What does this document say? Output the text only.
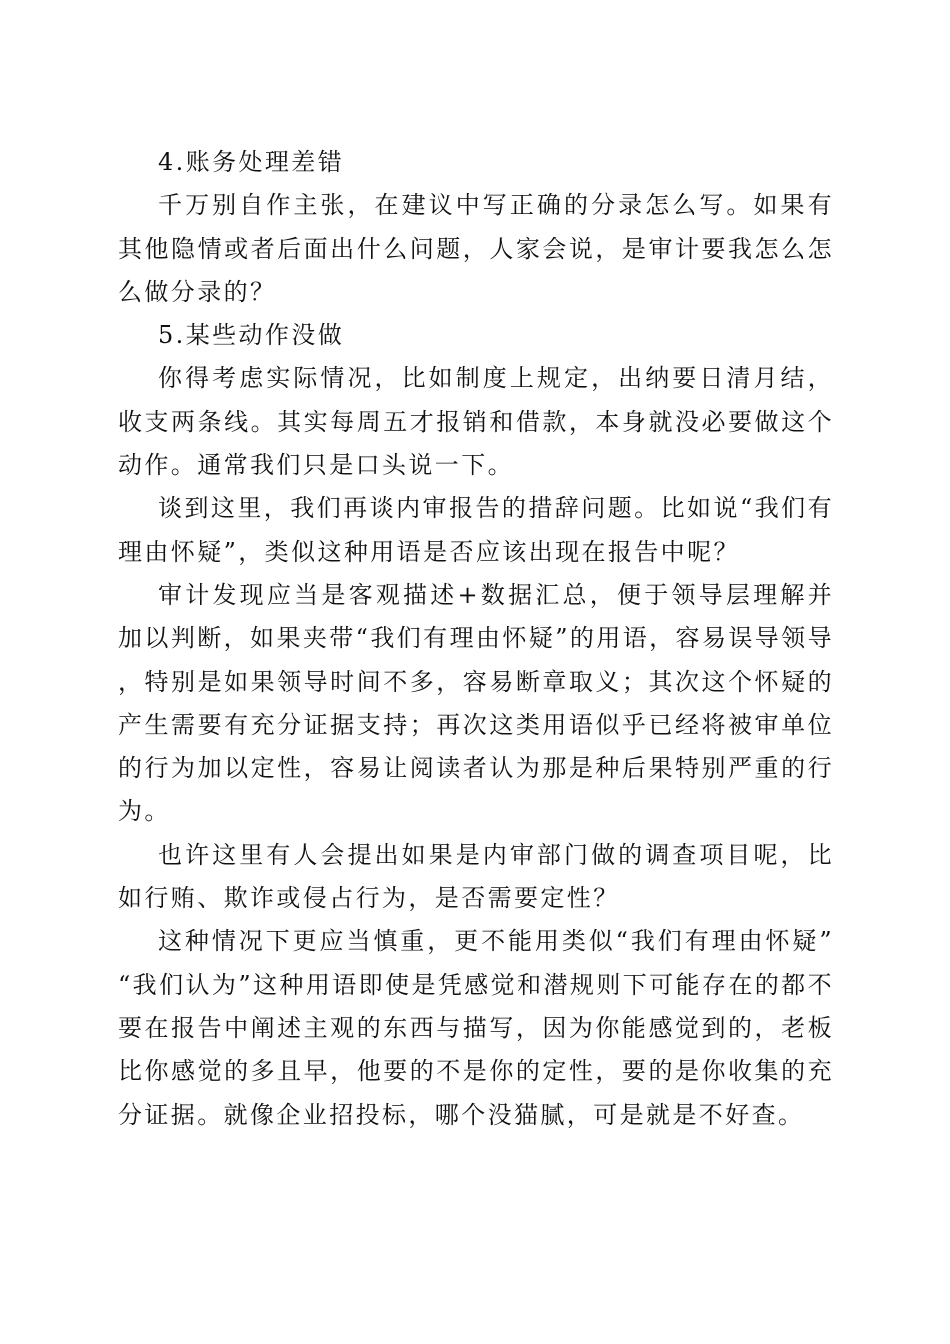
4.账务处理差错

千万别自作主张，在建议中写正确的分录怎么写。如果有其他隐情或者后面出什么问题，人家会说，是审计要我怎么怎么做分录的？

5.某些动作没做

你得考虑实际情况，比如制度上规定，出纳要日清月结，收支两条线。其实每周五才报销和借款，本身就没必要做这个动作。通常我们只是口头说一下。

谈到这里，我们再谈内审报告的措辞问题。比如说“我们有理由怀疑”，类似这种用语是否应该出现在报告中呢？

审计发现应当是客观描述+数据汇总，便于领导层理解并加以判断，如果夹带“我们有理由怀疑”的用语，容易误导领导，特别是如果领导时间不多，容易断章取义；其次这个怀疑的产生需要有充分证据支持；再次这类用语似乎已经将被审单位的行为加以定性，容易让阅读者认为那是种后果特别严重的行为。

也许这里有人会提出如果是内审部门做的调查项目呢，比如行贿、欺诈或侵占行为，是否需要定性？

这种情况下更应当慎重，更不能用类似“我们有理由怀疑”“我们认为”这种用语即使是凭感觉和潜规则下可能存在的都不要在报告中阐述主观的东西与描写，因为你能感觉到的，老板比你感觉的多且早，他要的不是你的定性，要的是你收集的充分证据。就像企业招投标，哪个没猫腻，可是就是不好查。
